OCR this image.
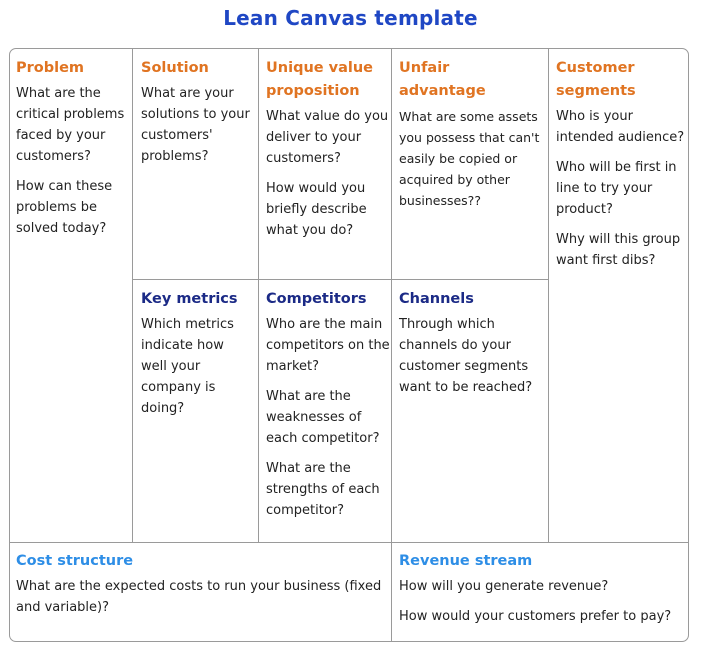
Lean Canvas template
Problem
What are the critical problems faced by your customers?
How can these problems be solved today?
Solution
What are your solutions to your customers' problems?
Unique value proposition
What value do you deliver to your customers?
How would you briefly describe what you do?
Unfair advantage
What are some assets you possess that can't easily be copied or acquired by other businesses??
Customer segments
Who is your intended audience?
Who will be first in line to try your product?
Why will this group want first dibs?
Key metrics
Which metrics indicate how well your company is doing?
Competitors
Who are the main competitors on the market?
What are the weaknesses of each competitor?
What are the strengths of each competitor?
Channels
Through which channels do your customer segments want to be reached?
Cost structure
What are the expected costs to run your business (fixed and variable)?
Revenue stream
How will you generate revenue?
How would your customers prefer to pay?
